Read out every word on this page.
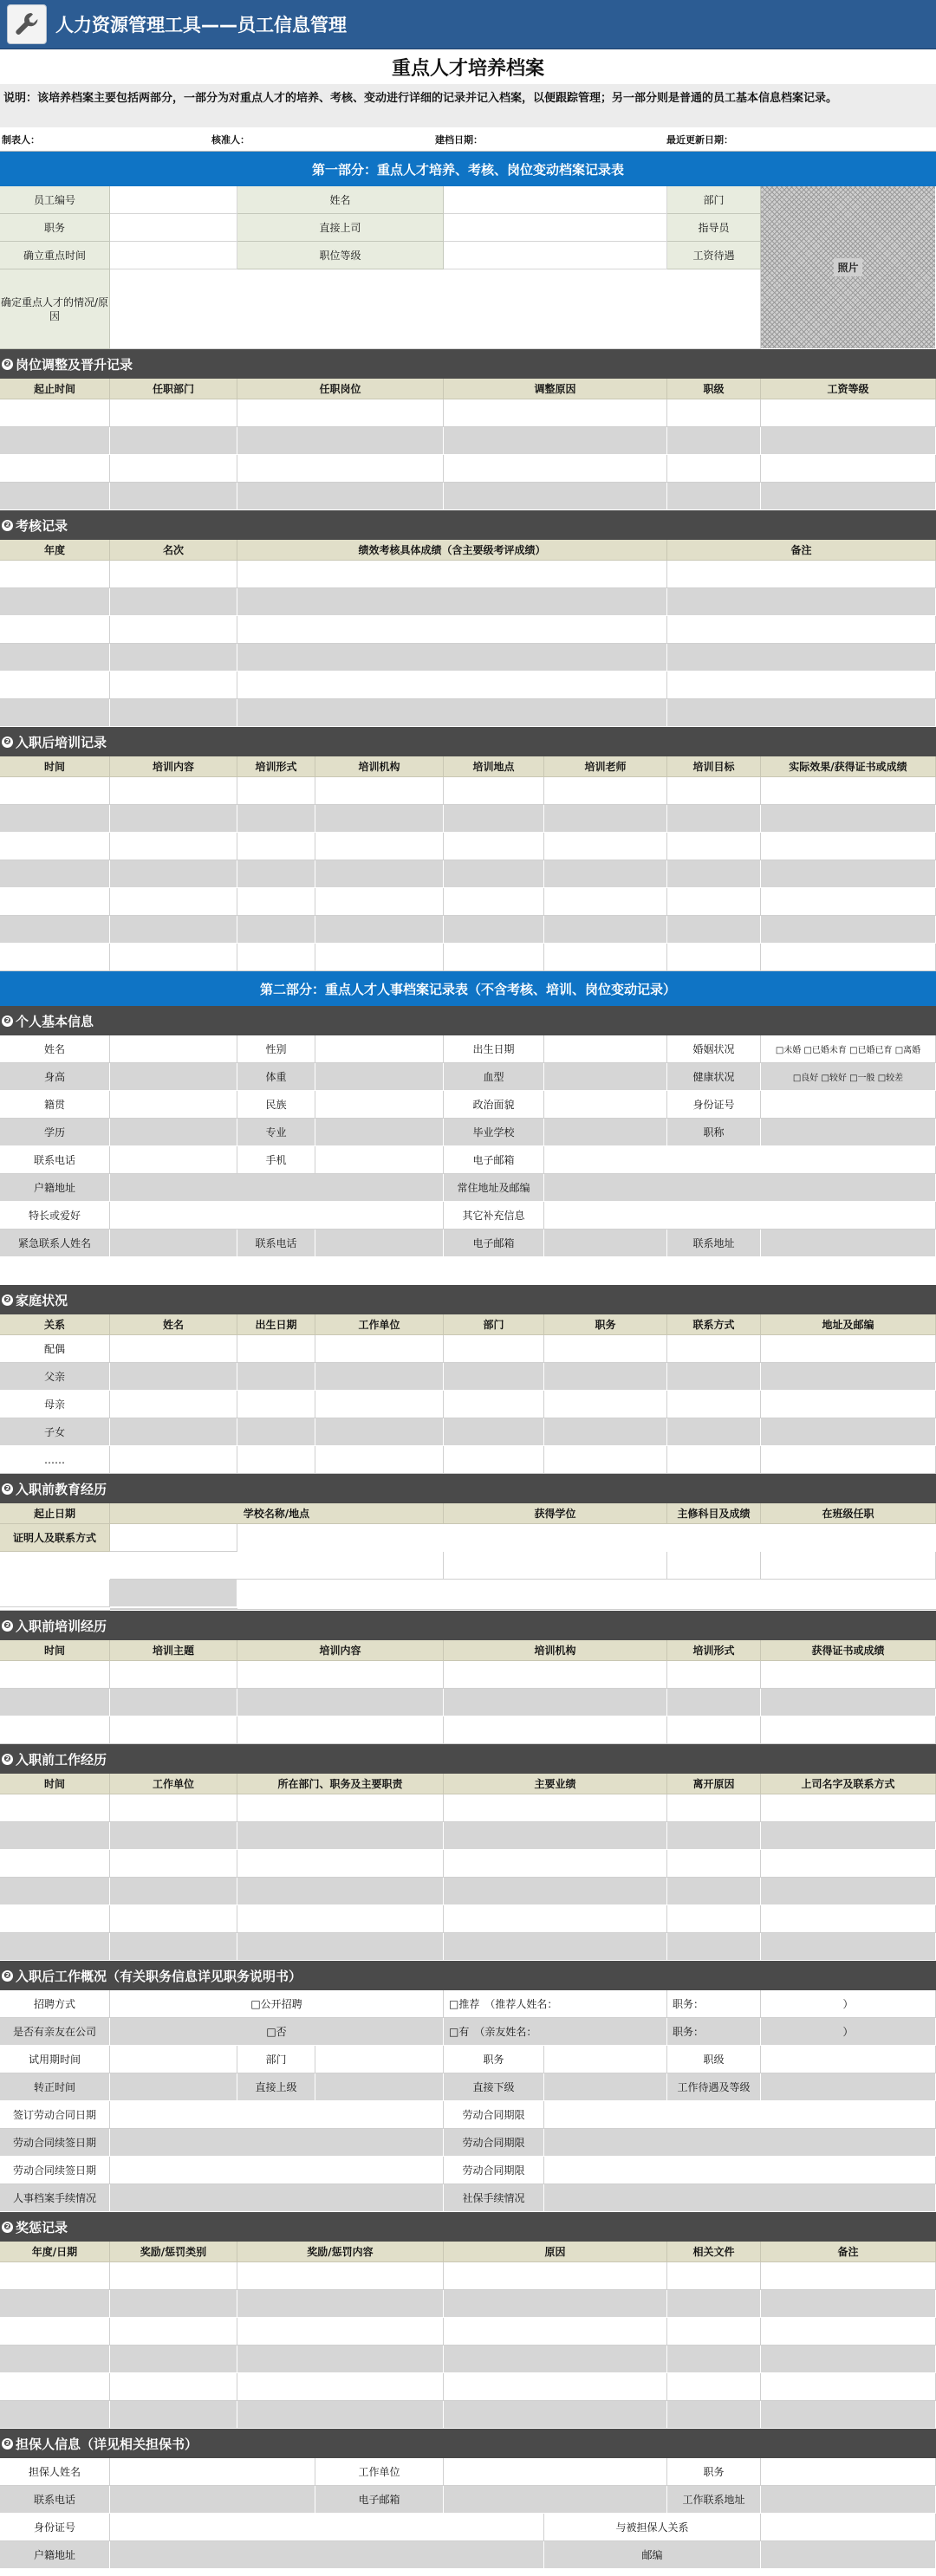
人力资源管理工具——员工信息管理
重点人才培养档案
说明：该培养档案主要包括两部分，一部分为对重点人才的培养、考核、变动进行详细的记录并记入档案，以便跟踪管理；另一部分则是普通的员工基本信息档案记录。
制表人：	核准人：	建档日期：	最近更新日期：
第一部分：重点人才培养、考核、岗位变动档案记录表
员工编号	姓名	部门
职务	直接上司	指导员
确立重点时间	职位等级	工资待遇
确定重点人才的情况/原因
照片
❷ 岗位调整及晋升记录
起止时间	任职部门	任职岗位	调整原因	职级	工资等级
❷ 考核记录
年度	名次	绩效考核具体成绩（含主要级考评成绩）	备注
❷ 入职后培训记录
时间	培训内容	培训形式	培训机构	培训地点	培训老师	培训目标	实际效果/获得证书或成绩
第二部分：重点人才人事档案记录表（不含考核、培训、岗位变动记录）
❷ 个人基本信息
姓名	性别	出生日期	婚姻状况	□未婚 □已婚未育 □已婚已育 □离婚
身高	体重	血型	健康状况	□良好 □较好 □一般 □较差
籍贯	民族	政治面貌	身份证号
学历	专业	毕业学校	职称
联系电话	手机	电子邮箱
户籍地址	常住地址及邮编
特长或爱好	其它补充信息
紧急联系人姓名	联系电话	电子邮箱	联系地址
❷ 家庭状况
关系	姓名	出生日期	工作单位	部门	职务	联系方式	地址及邮编
配偶
父亲
母亲
子女
……
❷ 入职前教育经历
起止日期	学校名称/地点	获得学位	主修科目及成绩	在班级任职
证明人及联系方式
❷ 入职前培训经历
时间	培训主题	培训内容	培训机构	培训形式	获得证书或成绩
❷ 入职前工作经历
时间	工作单位	所在部门、职务及主要职责	主要业绩	离开原因	上司名字及联系方式
❷ 入职后工作概况（有关职务信息详见职务说明书）
招聘方式	□公开招聘	□推荐　（推荐人姓名：	职务：	）
是否有亲友在公司	□否	□有　（亲友姓名：	职务：	）
试用期时间	部门	职务	职级
转正时间	直接上级	直接下级	工作待遇及等级
签订劳动合同日期	劳动合同期限
劳动合同续签日期	劳动合同期限
劳动合同续签日期	劳动合同期限
人事档案手续情况	社保手续情况
❷ 奖惩记录
年度/日期	奖励/惩罚类别	奖励/惩罚内容	原因	相关文件	备注
❷ 担保人信息（详见相关担保书）
担保人姓名	工作单位	职务
联系电话	电子邮箱	工作联系地址
身份证号	与被担保人关系
户籍地址	邮编
